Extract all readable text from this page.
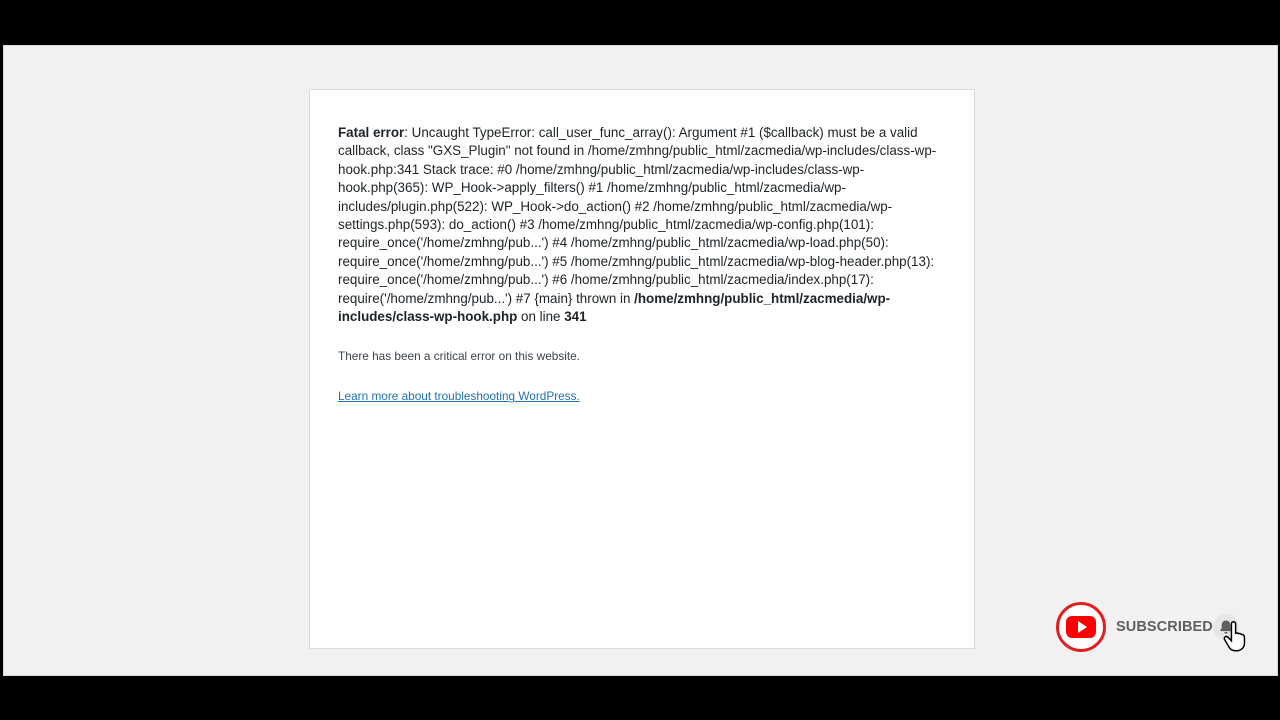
Fatal error: Uncaught TypeError: call_user_func_array(): Argument #1 ($callback) must be a valid callback, class "GXS_Plugin" not found in /home/zmhng/public_html/zacmedia/wp-includes/class-wp-hook.php:341 Stack trace: #0 /home/zmhng/public_html/zacmedia/wp-includes/class-wp-hook.php(365): WP_Hook->apply_filters() #1 /home/zmhng/public_html/zacmedia/wp-includes/plugin.php(522): WP_Hook->do_action() #2 /home/zmhng/public_html/zacmedia/wp-settings.php(593): do_action() #3 /home/zmhng/public_html/zacmedia/wp-config.php(101): require_once('/home/zmhng/pub...') #4 /home/zmhng/public_html/zacmedia/wp-load.php(50): require_once('/home/zmhng/pub...') #5 /home/zmhng/public_html/zacmedia/wp-blog-header.php(13): require_once('/home/zmhng/pub...') #6 /home/zmhng/public_html/zacmedia/index.php(17): require('/home/zmhng/pub...') #7 {main} thrown in /home/zmhng/public_html/zacmedia/wp-includes/class-wp-hook.php on line 341

There has been a critical error on this website.

Learn more about troubleshooting WordPress.
SUBSCRIBED
